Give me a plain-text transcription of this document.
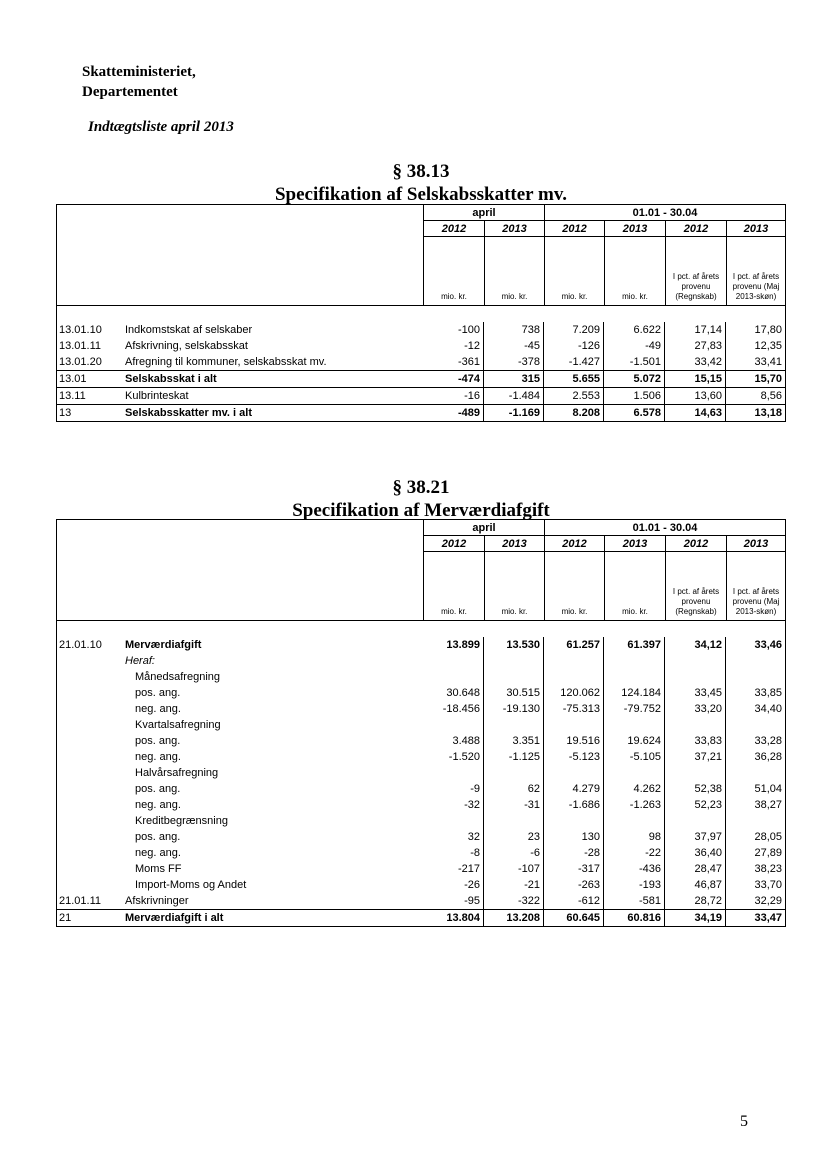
Skatteministeriet,
Departementet
Indtægtsliste april 2013
§ 38.13
Specifikation af Selskabsskatter mv.
april	01.01 - 30.04
2012	2013	2012	2013	2012	2013
mio. kr.	mio. kr.	mio. kr.	mio. kr.
I pct. af årets provenu (Regnskab)
I pct. af årets provenu (Maj 2013-skøn)
13.01.10	Indkomstskat af selskaber	-100	738	7.209	6.622	17,14	17,80
13.01.11	Afskrivning, selskabsskat	-12	-45	-126	-49	27,83	12,35
13.01.20	Afregning til kommuner, selskabsskat mv.	-361	-378	-1.427	-1.501	33,42	33,41
13.01	Selskabsskat i alt	-474	315	5.655	5.072	15,15	15,70
13.11	Kulbrinteskat	-16	-1.484	2.553	1.506	13,60	8,56
13	Selskabsskatter mv. i alt	-489	-1.169	8.208	6.578	14,63	13,18
§ 38.21
Specifikation af Merværdiafgift
april	01.01 - 30.04
2012	2013	2012	2013	2012	2013
mio. kr.	mio. kr.	mio. kr.	mio. kr.
I pct. af årets provenu (Regnskab)
I pct. af årets provenu (Maj 2013-skøn)
21.01.10	Merværdiafgift	13.899	13.530	61.257	61.397	34,12	33,46
Heraf:
Månedsafregning
pos. ang.	30.648	30.515	120.062	124.184	33,45	33,85
neg. ang.	-18.456	-19.130	-75.313	-79.752	33,20	34,40
Kvartalsafregning
pos. ang.	3.488	3.351	19.516	19.624	33,83	33,28
neg. ang.	-1.520	-1.125	-5.123	-5.105	37,21	36,28
Halvårsafregning
pos. ang.	-9	62	4.279	4.262	52,38	51,04
neg. ang.	-32	-31	-1.686	-1.263	52,23	38,27
Kreditbegrænsning
pos. ang.	32	23	130	98	37,97	28,05
neg. ang.	-8	-6	-28	-22	36,40	27,89
Moms FF	-217	-107	-317	-436	28,47	38,23
Import-Moms og Andet	-26	-21	-263	-193	46,87	33,70
21.01.11	Afskrivninger	-95	-322	-612	-581	28,72	32,29
21	Merværdiafgift i alt	13.804	13.208	60.645	60.816	34,19	33,47
5
